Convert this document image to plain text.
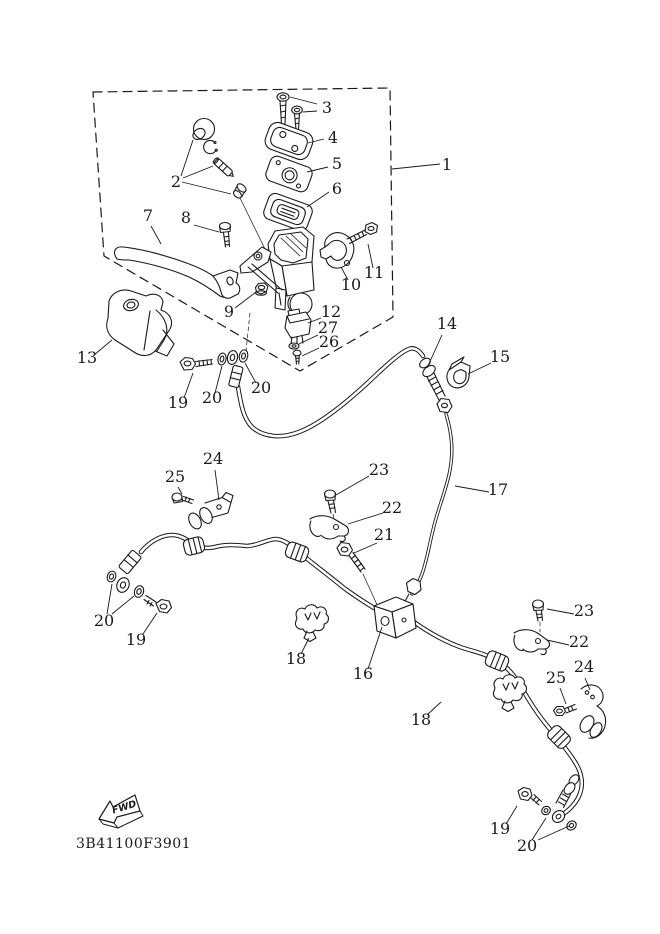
FWD
3B41100F3901
1
2
3
4
5
6
7 8
9
10
11
12
13
14
15
16
17
18
18
19 20
20
20
19
21
22
23
24
25
23
22
24
25
26
27
19
20
